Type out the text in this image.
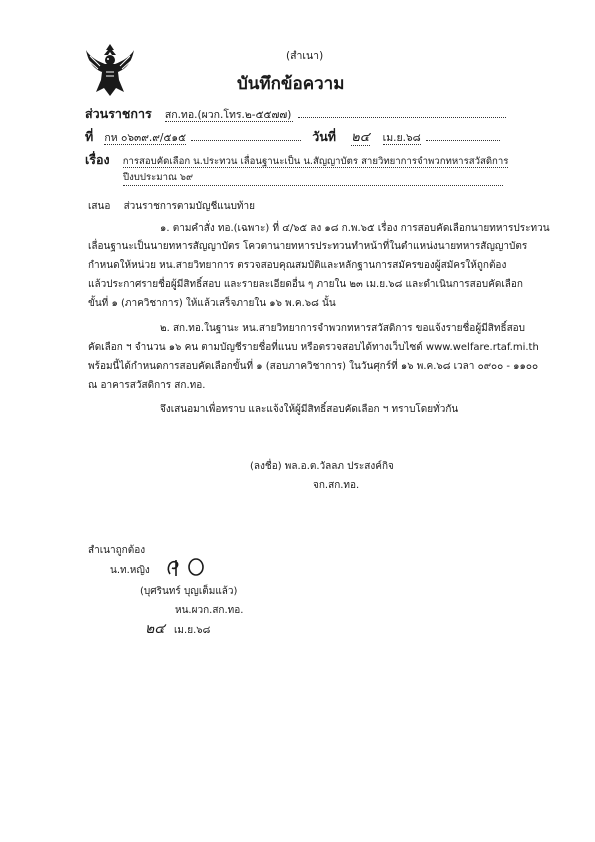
(สำเนา)
บันทึกข้อความ
ส่วนราชการ สก.ทอ.(ผวก.โทร.๒-๕๕๗๗)
ที่ กห ๐๖๓๙.๙/๕๑๕	วันที่ ๒๔ เม.ย.๖๘
เรื่อง การสอบคัดเลือก น.ประทวน เลื่อนฐานะเป็น น.สัญญาบัตร สายวิทยาการจำพวกทหารสวัสดิการ
ปีงบประมาณ ๖๙
เสนอ ส่วนราชการตามบัญชีแนบท้าย
๑. ตามคำสั่ง ทอ.(เฉพาะ) ที่ ๔/๖๕ ลง ๑๘ ก.พ.๖๕ เรื่อง การสอบคัดเลือกนายทหารประทวน
เลื่อนฐานะเป็นนายทหารสัญญาบัตร โควตานายทหารประทวนทำหน้าที่ในตำแหน่งนายทหารสัญญาบัตร
กำหนดให้หน่วย หน.สายวิทยาการ ตรวจสอบคุณสมบัติและหลักฐานการสมัครของผู้สมัครให้ถูกต้อง
แล้วประกาศรายชื่อผู้มีสิทธิ์สอบ และรายละเอียดอื่น ๆ ภายใน ๒๓ เม.ย.๖๘ และดำเนินการสอบคัดเลือก
ขั้นที่ ๑ (ภาควิชาการ) ให้แล้วเสร็จภายใน ๑๖ พ.ค.๖๘ นั้น
๒. สก.ทอ.ในฐานะ หน.สายวิทยาการจำพวกทหารสวัสดิการ ขอแจ้งรายชื่อผู้มีสิทธิ์สอบ
คัดเลือก ฯ จำนวน ๑๖ คน ตามบัญชีรายชื่อที่แนบ หรือตรวจสอบได้ทางเว็บไซต์ www.welfare.rtaf.mi.th
พร้อมนี้ได้กำหนดการสอบคัดเลือกขั้นที่ ๑ (สอบภาควิชาการ) ในวันศุกร์ที่ ๑๖ พ.ค.๖๘ เวลา ๐๙๐๐ - ๑๑๐๐
ณ อาคารสวัสดิการ สก.ทอ.
จึงเสนอมาเพื่อทราบ และแจ้งให้ผู้มีสิทธิ์สอบคัดเลือก ฯ ทราบโดยทั่วกัน
(ลงชื่อ) พล.อ.ต.วัลลภ ประสงค์กิจ
จก.สก.ทอ.
สำเนาถูกต้อง
น.ท.หญิง
(บุศรินทร์ บุญเต็มแล้ว)
หน.ผวก.สก.ทอ.
๒๔ เม.ย.๖๘
